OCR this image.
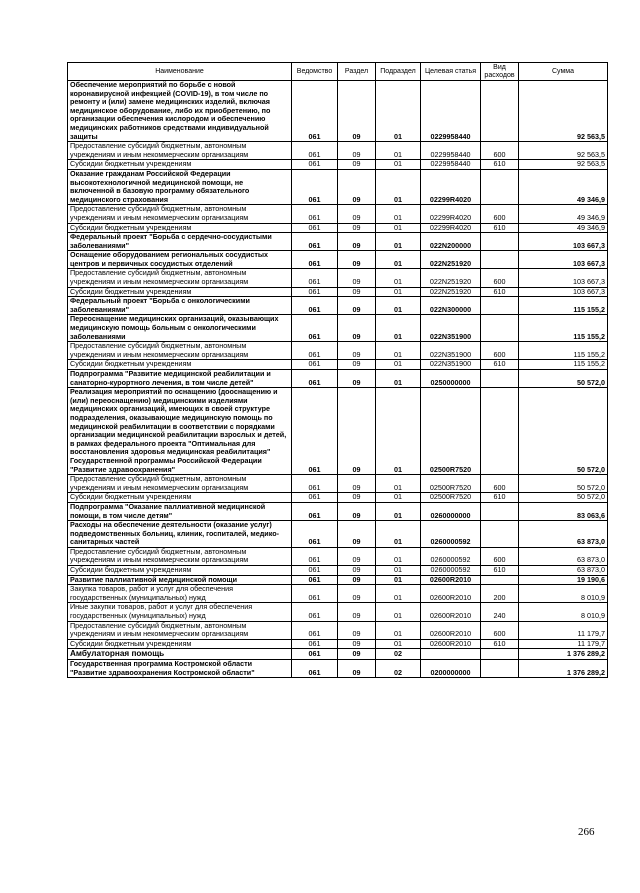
Наименование	Ведомство	Раздел	Подраздел	Целевая статья	Вид расходов	Сумма
Обеспечение мероприятий по борьбе с новой коронавирусной инфекцией (COVID-19), в том числе по ремонту и (или) замене медицинских изделий, включая медицинское оборудование, либо их приобретению, по организации обеспечения кислородом и обеспечению медицинских работников средствами индивидуальной защиты	061	09	01	0229958440		92 563,5
Предоставление субсидий бюджетным, автономным учреждениям и иным некоммерческим организациям	061	09	01	0229958440	600	92 563,5
Субсидии бюджетным учреждениям	061	09	01	0229958440	610	92 563,5
Оказание гражданам Российской Федерации высокотехнологичной медицинской помощи, не включенной в базовую программу обязательного медицинского страхования	061	09	01	02299R4020		49 346,9
Предоставление субсидий бюджетным, автономным учреждениям и иным некоммерческим организациям	061	09	01	02299R4020	600	49 346,9
Субсидии бюджетным учреждениям	061	09	01	02299R4020	610	49 346,9
Федеральный проект "Борьба с сердечно-сосудистыми заболеваниями"	061	09	01	022N200000		103 667,3
Оснащение оборудованием региональных сосудистых центров и первичных сосудистых отделений	061	09	01	022N251920		103 667,3
Предоставление субсидий бюджетным, автономным учреждениям и иным некоммерческим организациям	061	09	01	022N251920	600	103 667,3
Субсидии бюджетным учреждениям	061	09	01	022N251920	610	103 667,3
Федеральный проект "Борьба с онкологическими заболеваниями"	061	09	01	022N300000		115 155,2
Переоснащение медицинских организаций, оказывающих медицинскую помощь больным с онкологическими заболеваниями	061	09	01	022N351900		115 155,2
Предоставление субсидий бюджетным, автономным учреждениям и иным некоммерческим организациям	061	09	01	022N351900	600	115 155,2
Субсидии бюджетным учреждениям	061	09	01	022N351900	610	115 155,2
Подпрограмма "Развитие медицинской реабилитации и санаторно-курортного лечения, в том числе детей"	061	09	01	0250000000		50 572,0
Реализация мероприятий по оснащению (дооснащению и (или) переоснащению) медицинскими изделиями медицинских организаций, имеющих в своей структуре подразделения, оказывающие медицинскую помощь по медицинской реабилитации в соответствии с порядками организации медицинской реабилитации взрослых и детей, в рамках федерального проекта "Оптимальная для восстановления здоровья медицинская реабилитация" Государственной программы Российской Федерации "Развитие здравоохранения"	061	09	01	02500R7520		50 572,0
Предоставление субсидий бюджетным, автономным учреждениям и иным некоммерческим организациям	061	09	01	02500R7520	600	50 572,0
Субсидии бюджетным учреждениям	061	09	01	02500R7520	610	50 572,0
Подпрограмма "Оказание паллиативной медицинской помощи, в том числе детям"	061	09	01	0260000000		83 063,6
Расходы на обеспечение деятельности (оказание услуг) подведомственных больниц, клиник, госпиталей, медико-санитарных частей	061	09	01	0260000592		63 873,0
Предоставление субсидий бюджетным, автономным учреждениям и иным некоммерческим организациям	061	09	01	0260000592	600	63 873,0
Субсидии бюджетным учреждениям	061	09	01	0260000592	610	63 873,0
Развитие паллиативной медицинской помощи	061	09	01	02600R2010		19 190,6
Закупка товаров, работ и услуг для обеспечения государственных (муниципальных) нужд	061	09	01	02600R2010	200	8 010,9
Иные закупки товаров, работ и услуг для обеспечения государственных (муниципальных) нужд	061	09	01	02600R2010	240	8 010,9
Предоставление субсидий бюджетным, автономным учреждениям и иным некоммерческим организациям	061	09	01	02600R2010	600	11 179,7
Субсидии бюджетным учреждениям	061	09	01	02600R2010	610	11 179,7
Амбулаторная помощь	061	09	02			1 376 289,2
Государственная программа Костромской области "Развитие здравоохранения Костромской области"	061	09	02	0200000000		1 376 289,2
266
